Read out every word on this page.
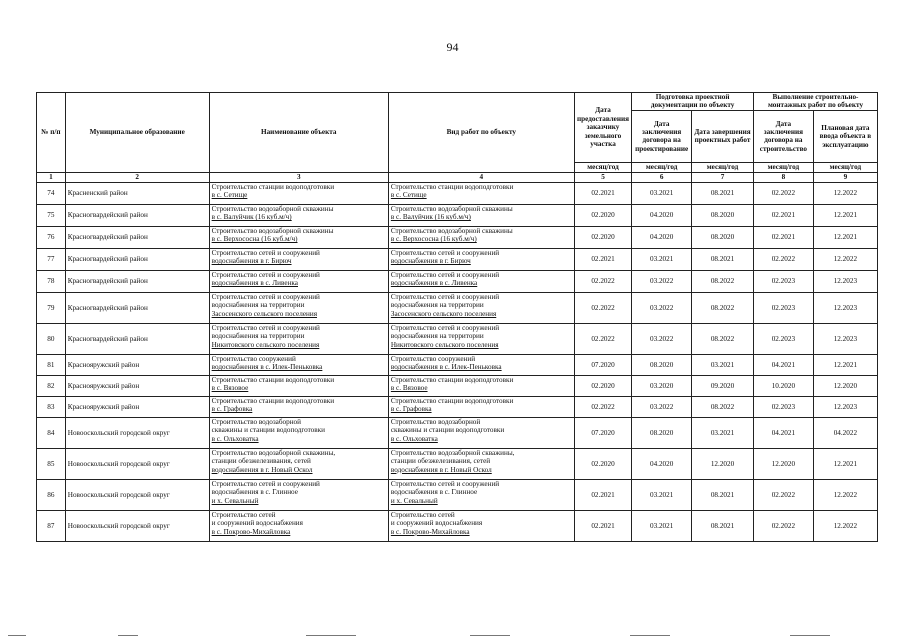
94
№ п/п	Муниципальное образование	Наименование объекта	Вид работ по объекту	Дата предоставления заказчику земельного участка	Подготовка проектной документации по объекту		Выполнение строительно-монтажных работ по объекту	
					Дата заключения договора на проектирование	Дата завершения проектных работ	Дата заключения договора на строительство	Плановая дата ввода объекта в эксплуатацию
				месяц/год	месяц/год	месяц/год	месяц/год	месяц/год
1	2	3	4	5	6	7	8	9
74	Красненский район	Строительство станции водоподготовки
в с. Сетище	Строительство станции водоподготовки
в с. Сетище	02.2021	03.2021	08.2021	02.2022	12.2022
75	Красногвардейский район	Строительство водозаборной скважины
в с. Валуйчик (16 куб.м/ч)	Строительство водозаборной скважины
в с. Валуйчик (16 куб.м/ч)	02.2020	04.2020	08.2020	02.2021	12.2021
76	Красногвардейский район	Строительство водозаборной скважины
в с. Верхососна (16 куб.м/ч)	Строительство водозаборной скважины
в с. Верхососна (16 куб.м/ч)	02.2020	04.2020	08.2020	02.2021	12.2021
77	Красногвардейский район	Строительство сетей и сооружений
водоснабжения в г. Бирюч	Строительство сетей и сооружений
водоснабжения в г. Бирюч	02.2021	03.2021	08.2021	02.2022	12.2022
78	Красногвардейский район	Строительство сетей и сооружений
водоснабжения в с. Ливенка	Строительство сетей и сооружений
водоснабжения в с. Ливенка	02.2022	03.2022	08.2022	02.2023	12.2023
79	Красногвардейский район	Строительство сетей и сооружений
водоснабжения на территории
Засосенского сельского поселения	Строительство сетей и сооружений
водоснабжения на территории
Засосенского сельского поселения	02.2022	03.2022	08.2022	02.2023	12.2023
80	Красногвардейский район	Строительство сетей и сооружений
водоснабжения на территории
Никитовского сельского поселения	Строительство сетей и сооружений
водоснабжения на территории
Никитовского сельского поселения	02.2022	03.2022	08.2022	02.2023	12.2023
81	Краснояружский район	Строительство сооружений
водоснабжения в с. Илек-Пеньковка	Строительство сооружений
водоснабжения в с. Илек-Пеньковка	07.2020	08.2020	03.2021	04.2021	12.2021
82	Краснояружский район	Строительство станции водоподготовки
в с. Вязовое	Строительство станции водоподготовки
в с. Вязовое	02.2020	03.2020	09.2020	10.2020	12.2020
83	Краснояружский район	Строительство станции водоподготовки
в с. Графовка	Строительство станции водоподготовки
в с. Графовка	02.2022	03.2022	08.2022	02.2023	12.2023
84	Новооскольский городской округ	Строительство водозаборной
скважины и станции водоподготовки
в с. Ольховатка	Строительство водозаборной
скважины и станции водоподготовки
в с. Ольховатка	07.2020	08.2020	03.2021	04.2021	04.2022
85	Новооскольский городской округ	Строительство водозаборной скважины,
станции обезжелезивания, сетей
водоснабжения в г. Новый Оскол	Строительство водозаборной скважины,
станции обезжелезивания, сетей
водоснабжения в г. Новый Оскол	02.2020	04.2020	12.2020	12.2020	12.2021
86	Новооскольский городской округ	Строительство сетей и сооружений
водоснабжения в с. Глинное
и х. Севальный	Строительство сетей и сооружений
водоснабжения в с. Глинное
и х. Севальный	02.2021	03.2021	08.2021	02.2022	12.2022
87	Новооскольский городской округ	Строительство сетей
и сооружений водоснабжения
в с. Покрово-Михайловка	Строительство сетей
и сооружений водоснабжения
в с. Покрово-Михайловка	02.2021	03.2021	08.2021	02.2022	12.2022
